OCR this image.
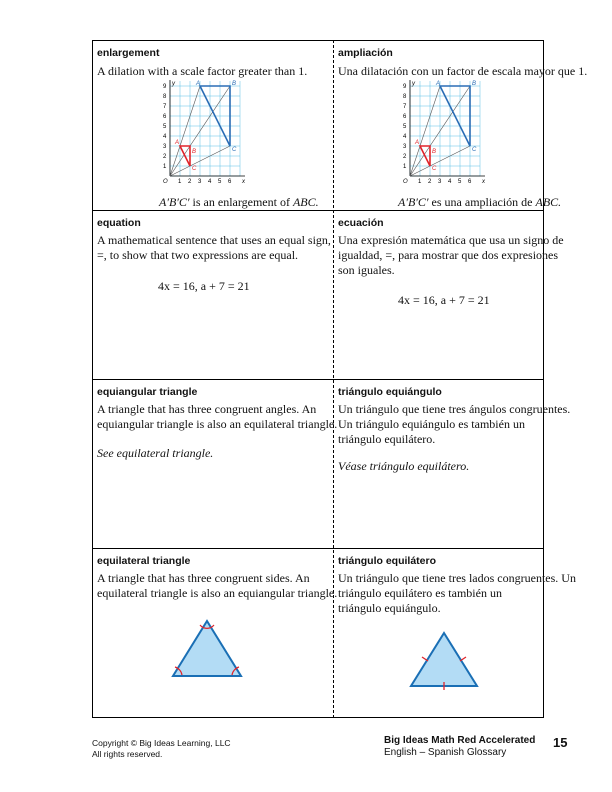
enlargement
A dilation with a scale factor greater than 1.
1 2 3 4 5 6
1
2
3
4
5
6
7
8
9
O	x
y	A	B
C
A
B
C
A′B′C′ is an enlargement of ABC.
ampliación
Una dilatación con un factor de escala mayor que 1.
1 2 3 4 5 6
1
2
3
4
5
6
7
8
9
O	x
y	A	B
C
A
B
C
A′B′C′ es una ampliación de ABC.
equation
A mathematical sentence that uses an equal sign,
=, to show that two expressions are equal.
4x = 16, a + 7 = 21
ecuación
Una expresión matemática que usa un signo de
igualdad, =, para mostrar que dos expresiones
son iguales.
4x = 16, a + 7 = 21
equiangular triangle
A triangle that has three congruent angles. An
equiangular triangle is also an equilateral triangle.
See equilateral triangle.
triángulo equiángulo
Un triángulo que tiene tres ángulos congruentes.
Un triángulo equiángulo es también un
triángulo equilátero.
Véase triángulo equilátero.
equilateral triangle
A triangle that has three congruent sides. An
equilateral triangle is also an equiangular triangle.
triángulo equilátero
Un triángulo que tiene tres lados congruentes. Un
triángulo equilátero es también un
triángulo equiángulo.
Copyright © Big Ideas Learning, LLC
All rights reserved.
Big Ideas Math Red Accelerated
English – Spanish Glossary
15
